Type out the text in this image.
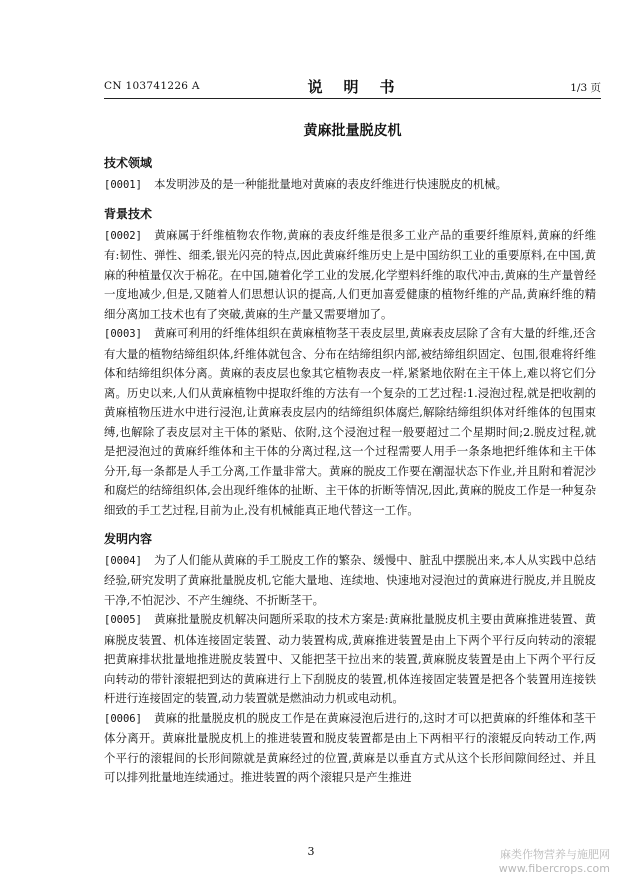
CN 103741226 A	说　明　书	1/3 页
黄麻批量脱皮机
技术领域
[0001] 本发明涉及的是一种能批量地对黄麻的表皮纤维进行快速脱皮的机械。
背景技术
[0002] 黄麻属于纤维植物农作物,黄麻的表皮纤维是很多工业产品的重要纤维原料,黄麻的纤维有:韧性、弹性、细柔,银光闪亮的特点,因此黄麻纤维历史上是中国纺织工业的重要原料,在中国,黄麻的种植量仅次于棉花。在中国,随着化学工业的发展,化学塑料纤维的取代冲击,黄麻的生产量曾经一度地减少,但是,又随着人们思想认识的提高,人们更加喜爱健康的植物纤维的产品,黄麻纤维的精细分离加工技术也有了突破,黄麻的生产量又需要增加了。
[0003] 黄麻可利用的纤维体组织在黄麻植物茎干表皮层里,黄麻表皮层除了含有大量的纤维,还含有大量的植物结缔组织体,纤维体就包含、分布在结缔组织内部,被结缔组织固定、包围,很难将纤维体和结缔组织体分离。黄麻的表皮层也象其它植物表皮一样,紧紧地依附在主干体上,难以将它们分离。历史以来,人们从黄麻植物中提取纤维的方法有一个复杂的工艺过程:1.浸泡过程,就是把收割的黄麻植物压进水中进行浸泡,让黄麻表皮层内的结缔组织体腐烂,解除结缔组织体对纤维体的包围束缚,也解除了表皮层对主干体的紧贴、依附,这个浸泡过程一般要超过二个星期时间;2.脱皮过程,就是把浸泡过的黄麻纤维体和主干体的分离过程,这一个过程需要人用手一条条地把纤维体和主干体分开,每一条都是人手工分离,工作量非常大。黄麻的脱皮工作要在潮湿状态下作业,并且附和着泥沙和腐烂的结缔组织体,会出现纤维体的扯断、主干体的折断等情况,因此,黄麻的脱皮工作是一种复杂细致的手工艺过程,目前为止,没有机械能真正地代替这一工作。
发明内容
[0004] 为了人们能从黄麻的手工脱皮工作的繁杂、缓慢中、脏乱中摆脱出来,本人从实践中总结经验,研究发明了黄麻批量脱皮机,它能大量地、连续地、快速地对浸泡过的黄麻进行脱皮,并且脱皮干净,不怕泥沙、不产生缠绕、不折断茎干。
[0005] 黄麻批量脱皮机解决问题所采取的技术方案是:黄麻批量脱皮机主要由黄麻推进装置、黄麻脱皮装置、机体连接固定装置、动力装置构成,黄麻推进装置是由上下两个平行反向转动的滚辊把黄麻排状批量地推进脱皮装置中、又能把茎干拉出来的装置,黄麻脱皮装置是由上下两个平行反向转动的带针滚辊把到达的黄麻进行上下刮脱皮的装置,机体连接固定装置是把各个装置用连接铁杆进行连接固定的装置,动力装置就是燃油动力机或电动机。
[0006] 黄麻的批量脱皮机的脱皮工作是在黄麻浸泡后进行的,这时才可以把黄麻的纤维体和茎干体分离开。黄麻批量脱皮机上的推进装置和脱皮装置都是由上下两相平行的滚辊反向转动工作,两个平行的滚辊间的长形间隙就是黄麻经过的位置,黄麻是以垂直方式从这个长形间隙间经过、并且可以排列批量地连续通过。推进装置的两个滚辊只是产生推进
3	麻类作物营养与施肥网
www.fibercrops.com
